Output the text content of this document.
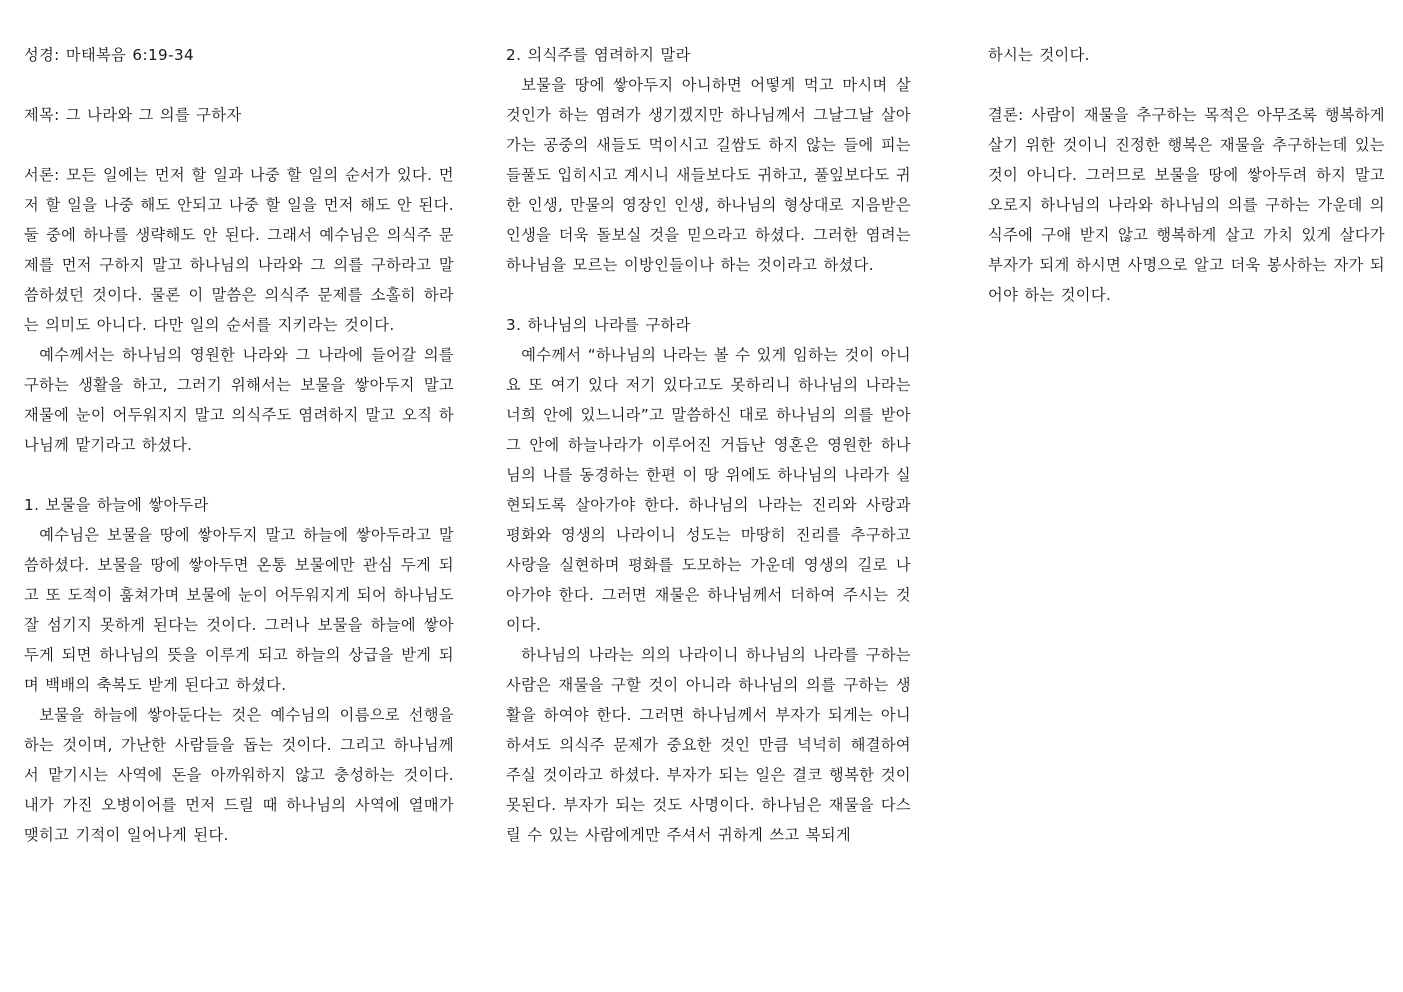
성경: 마태복음 6:19-34

제목: 그 나라와 그 의를 구하자

서론: 모든 일에는 먼저 할 일과 나중 할 일의 순서가 있다. 먼저 할 일을 나중 해도 안되고 나중 할 일을 먼저 해도 안 된다. 둘 중에 하나를 생략해도 안 된다. 그래서 예수님은 의식주 문제를 먼저 구하지 말고 하나님의 나라와 그 의를 구하라고 말씀하셨던 것이다. 물론 이 말씀은 의식주 문제를 소홀히 하라는 의미도 아니다. 다만 일의 순서를 지키라는 것이다.

예수께서는 하나님의 영원한 나라와 그 나라에 들어갈 의를 구하는 생활을 하고, 그러기 위해서는 보물을 쌓아두지 말고 재물에 눈이 어두워지지 말고 의식주도 염려하지 말고 오직 하나님께 맡기라고 하셨다.

1. 보물을 하늘에 쌓아두라

예수님은 보물을 땅에 쌓아두지 말고 하늘에 쌓아두라고 말씀하셨다. 보물을 땅에 쌓아두면 온통 보물에만 관심 두게 되고 또 도적이 훔쳐가며 보물에 눈이 어두워지게 되어 하나님도 잘 섬기지 못하게 된다는 것이다. 그러나 보물을 하늘에 쌓아두게 되면 하나님의 뜻을 이루게 되고 하늘의 상급을 받게 되며 백배의 축복도 받게 된다고 하셨다.

보물을 하늘에 쌓아둔다는 것은 예수님의 이름으로 선행을 하는 것이며, 가난한 사람들을 돕는 것이다. 그리고 하나님께서 맡기시는 사역에 돈을 아까워하지 않고 충성하는 것이다. 내가 가진 오병이어를 먼저 드릴 때 하나님의 사역에 열매가 맺히고 기적이 일어나게 된다.

2. 의식주를 염려하지 말라

보물을 땅에 쌓아두지 아니하면 어떻게 먹고 마시며 살 것인가 하는 염려가 생기겠지만 하나님께서 그날그날 살아가는 공중의 새들도 먹이시고 길쌈도 하지 않는 들에 피는 들풀도 입히시고 계시니 새들보다도 귀하고, 풀잎보다도 귀한 인생, 만물의 영장인 인생, 하나님의 형상대로 지음받은 인생을 더욱 돌보실 것을 믿으라고 하셨다. 그러한 염려는 하나님을 모르는 이방인들이나 하는 것이라고 하셨다.

3. 하나님의 나라를 구하라

예수께서 “하나님의 나라는 볼 수 있게 임하는 것이 아니요 또 여기 있다 저기 있다고도 못하리니 하나님의 나라는 너희 안에 있느니라”고 말씀하신 대로 하나님의 의를 받아 그 안에 하늘나라가 이루어진 거듭난 영혼은 영원한 하나님의 나를 동경하는 한편 이 땅 위에도 하나님의 나라가 실현되도록 살아가야 한다. 하나님의 나라는 진리와 사랑과 평화와 영생의 나라이니 성도는 마땅히 진리를 추구하고 사랑을 실현하며 평화를 도모하는 가운데 영생의 길로 나아가야 한다. 그러면 재물은 하나님께서 더하여 주시는 것이다.

하나님의 나라는 의의 나라이니 하나님의 나라를 구하는 사람은 재물을 구할 것이 아니라 하나님의 의를 구하는 생활을 하여야 한다. 그러면 하나님께서 부자가 되게는 아니하셔도 의식주 문제가 중요한 것인 만큼 넉넉히 해결하여 주실 것이라고 하셨다. 부자가 되는 일은 결코 행복한 것이 못된다. 부자가 되는 것도 사명이다. 하나님은 재물을 다스릴 수 있는 사람에게만 주셔서 귀하게 쓰고 복되게

하시는 것이다.

결론: 사람이 재물을 추구하는 목적은 아무조록 행복하게 살기 위한 것이니 진정한 행복은 재물을 추구하는데 있는 것이 아니다. 그러므로 보물을 땅에 쌓아두려 하지 말고 오로지 하나님의 나라와 하나님의 의를 구하는 가운데 의식주에 구애 받지 않고 행복하게 살고 가치 있게 살다가 부자가 되게 하시면 사명으로 알고 더욱 봉사하는 자가 되어야 하는 것이다.
